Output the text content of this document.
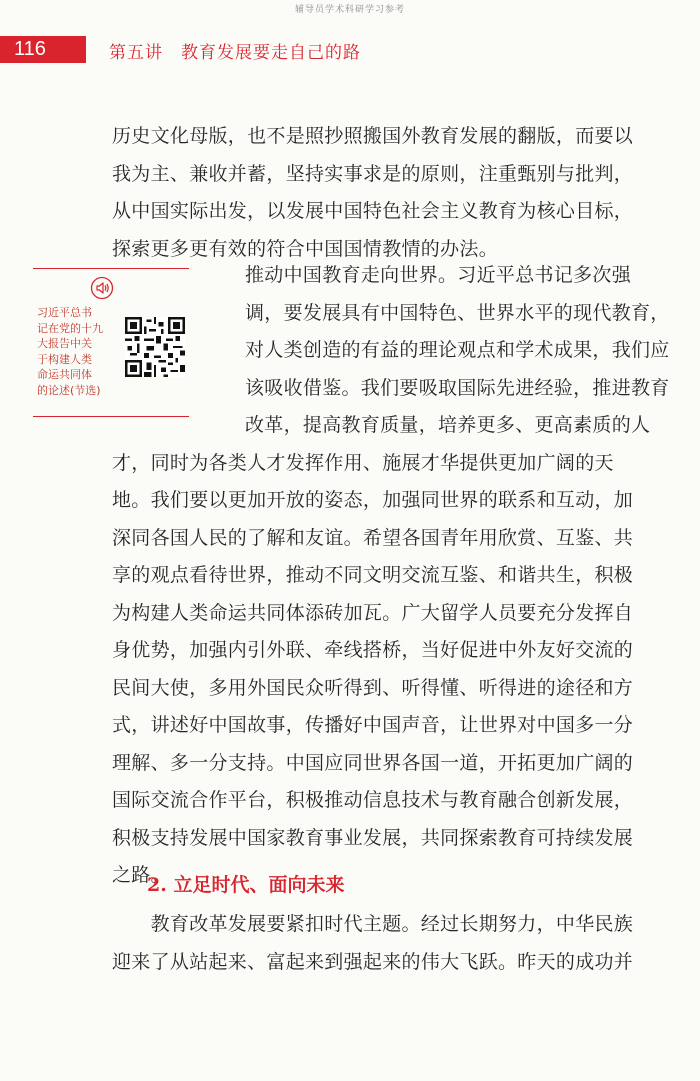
辅导员学术科研学习参考
116	第五讲　教育发展要走自己的路
历史文化母版，也不是照抄照搬国外教育发展的翻版，而要以
我为主、兼收并蓄，坚持实事求是的原则，注重甄别与批判，
从中国实际出发，以发展中国特色社会主义教育为核心目标，
探索更多更有效的符合中国国情教情的办法。
习近平总书
记在党的十九
大报告中关
于构建人类
命运共同体
的论述(节选)
推动中国教育走向世界。习近平总书记多次强
调，要发展具有中国特色、世界水平的现代教育，
对人类创造的有益的理论观点和学术成果，我们应
该吸收借鉴。我们要吸取国际先进经验，推进教育
改革，提高教育质量，培养更多、更高素质的人
才，同时为各类人才发挥作用、施展才华提供更加广阔的天
地。我们要以更加开放的姿态，加强同世界的联系和互动，加
深同各国人民的了解和友谊。希望各国青年用欣赏、互鉴、共
享的观点看待世界，推动不同文明交流互鉴、和谐共生，积极
为构建人类命运共同体添砖加瓦。广大留学人员要充分发挥自
身优势，加强内引外联、牵线搭桥，当好促进中外友好交流的
民间大使，多用外国民众听得到、听得懂、听得进的途径和方
式，讲述好中国故事，传播好中国声音，让世界对中国多一分
理解、多一分支持。中国应同世界各国一道，开拓更加广阔的
国际交流合作平台，积极推动信息技术与教育融合创新发展，
积极支持发展中国家教育事业发展，共同探索教育可持续发展
之路。
2. 立足时代、面向未来
　　教育改革发展要紧扣时代主题。经过长期努力，中华民族
迎来了从站起来、富起来到强起来的伟大飞跃。昨天的成功并
